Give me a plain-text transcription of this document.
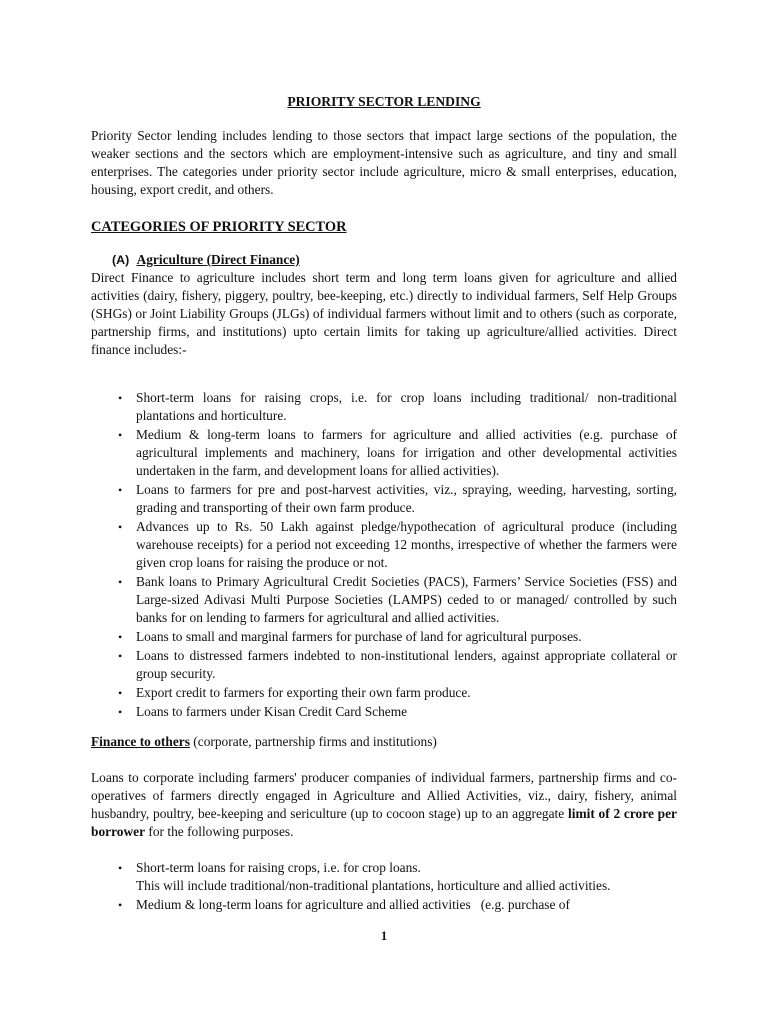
PRIORITY SECTOR LENDING

Priority Sector lending includes lending to those sectors that impact large sections of the population, the weaker sections and the sectors which are employment-intensive such as agriculture, and tiny and small enterprises. The categories under priority sector include agriculture, micro & small enterprises, education, housing, export credit, and others.

CATEGORIES OF PRIORITY SECTOR
(A) Agriculture (Direct Finance)

Direct Finance to agriculture includes short term and long term loans given for agriculture and allied activities (dairy, fishery, piggery, poultry, bee-keeping, etc.) directly to individual farmers, Self Help Groups (SHGs) or Joint Liability Groups (JLGs) of individual farmers without limit and to others (such as corporate, partnership firms, and institutions) upto certain limits for taking up agriculture/allied activities. Direct finance includes:-

• Short-term loans for raising crops, i.e. for crop loans including traditional/ non-traditional plantations and horticulture.
• Medium & long-term loans to farmers for agriculture and allied activities (e.g. purchase of agricultural implements and machinery, loans for irrigation and other developmental activities undertaken in the farm, and development loans for allied activities).
• Loans to farmers for pre and post-harvest activities, viz., spraying, weeding, harvesting, sorting, grading and transporting of their own farm produce.
• Advances up to Rs. 50 Lakh against pledge/hypothecation of agricultural produce (including warehouse receipts) for a period not exceeding 12 months, irrespective of whether the farmers were given crop loans for raising the produce or not.
• Bank loans to Primary Agricultural Credit Societies (PACS), Farmers’ Service Societies (FSS) and Large-sized Adivasi Multi Purpose Societies (LAMPS) ceded to or managed/ controlled by such banks for on lending to farmers for agricultural and allied activities.
• Loans to small and marginal farmers for purchase of land for agricultural purposes.
• Loans to distressed farmers indebted to non-institutional lenders, against appropriate collateral or group security.
• Export credit to farmers for exporting their own farm produce.
• Loans to farmers under Kisan Credit Card Scheme

Finance to others (corporate, partnership firms and institutions)

Loans to corporate including farmers' producer companies of individual farmers, partnership firms and co-operatives of farmers directly engaged in Agriculture and Allied Activities, viz., dairy, fishery, animal husbandry, poultry, bee-keeping and sericulture (up to cocoon stage) up to an aggregate limit of 2 crore per borrower for the following purposes.

• Short-term loans for raising crops, i.e. for crop loans.
This will include traditional/non-traditional plantations, horticulture and allied activities.
• Medium & long-term loans for agriculture and allied activities   (e.g. purchase of
1
